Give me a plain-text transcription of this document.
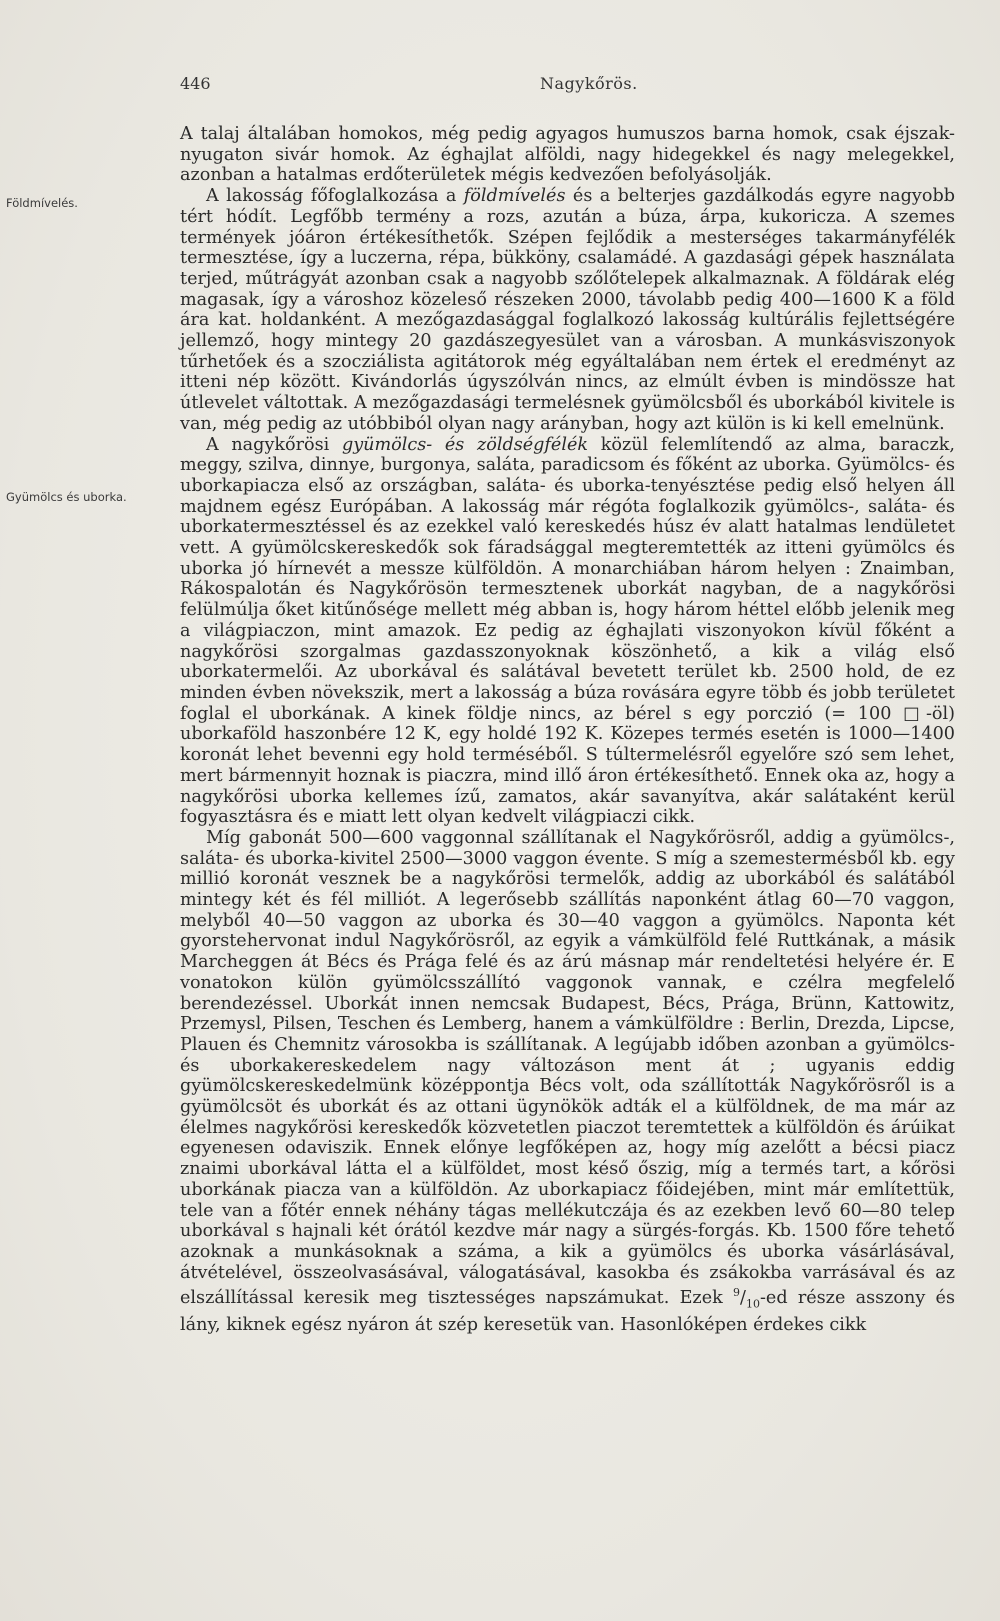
446	Nagykőrös.
Földmívelés.
Gyümölcs és uborka.

A talaj általában homokos, még pedig agyagos humuszos barna homok, csak éjszak-nyugaton sivár homok. Az éghajlat alföldi, nagy hidegekkel és nagy melegekkel, azonban a hatalmas erdőterületek mégis kedvezően befolyásolják.

A lakosság főfoglalkozása a földmívelés és a belterjes gazdálkodás egyre nagyobb tért hódít. Legfőbb termény a rozs, azután a búza, árpa, kukoricza. A szemes termények jóáron értékesíthetők. Szépen fejlődik a mesterséges takarmányfélék termesztése, így a luczerna, répa, bükköny, csalamádé. A gazdasági gépek használata terjed, műtrágyát azonban csak a nagyobb szőlőtelepek alkalmaznak. A földárak elég magasak, így a városhoz közeleső részeken 2000, távolabb pedig 400—1600 K a föld ára kat. holdanként. A mezőgazdasággal foglalkozó lakosság kultúrális fejlettségére jellemző, hogy mintegy 20 gazdászegyesület van a városban. A munkásviszonyok tűrhetőek és a szocziálista agitátorok még egyáltalában nem értek el eredményt az itteni nép között. Kivándorlás úgyszólván nincs, az elmúlt évben is mindössze hat útlevelet váltottak. A mezőgazdasági termelésnek gyümölcsből és uborkából kivitele is van, még pedig az utóbbiból olyan nagy arányban, hogy azt külön is ki kell emelnünk.

A nagykőrösi gyümölcs- és zöldségfélék közül felemlítendő az alma, baraczk, meggy, szilva, dinnye, burgonya, saláta, paradicsom és főként az uborka. Gyümölcs- és uborkapiacza első az országban, saláta- és uborka-tenyésztése pedig első helyen áll majdnem egész Európában. A lakosság már régóta foglalkozik gyümölcs-, saláta- és uborkatermesztéssel és az ezekkel való kereskedés húsz év alatt hatalmas lendületet vett. A gyümölcskereskedők sok fáradsággal megteremtették az itteni gyümölcs és uborka jó hírnevét a messze külföldön. A monarchiában három helyen : Znaimban, Rákospalotán és Nagykőrösön termesztenek uborkát nagyban, de a nagykőrösi felülmúlja őket kitűnősége mellett még abban is, hogy három héttel előbb jelenik meg a világpiaczon, mint amazok. Ez pedig az éghajlati viszonyokon kívül főként a nagykőrösi szorgalmas gazdasszonyoknak köszönhető, a kik a világ első uborkatermelői. Az uborkával és salátával bevetett terület kb. 2500 hold, de ez minden évben növekszik, mert a lakosság a búza rovására egyre több és jobb területet foglal el uborkának. A kinek földje nincs, az bérel s egy porczió (= 100 □-öl) uborkaföld haszonbére 12 K, egy holdé 192 K. Közepes termés esetén is 1000—1400 koronát lehet bevenni egy hold terméséből. S túltermelésről egyelőre szó sem lehet, mert bármennyit hoznak is piaczra, mind illő áron értékesíthető. Ennek oka az, hogy a nagykőrösi uborka kellemes ízű, zamatos, akár savanyítva, akár salátaként kerül fogyasztásra és e miatt lett olyan kedvelt világpiaczi cikk.

Míg gabonát 500—600 vaggonnal szállítanak el Nagykőrösről, addig a gyümölcs-, saláta- és uborka-kivitel 2500—3000 vaggon évente. S míg a szemestermésből kb. egy millió koronát vesznek be a nagykőrösi termelők, addig az uborkából és salátából mintegy két és fél milliót. A legerősebb szállítás naponként átlag 60—70 vaggon, melyből 40—50 vaggon az uborka és 30—40 vaggon a gyümölcs. Naponta két gyorstehervonat indul Nagykőrösről, az egyik a vámkülföld felé Ruttkának, a másik Marcheggen át Bécs és Prága felé és az árú másnap már rendeltetési helyére ér. E vonatokon külön gyümölcsszállító vaggonok vannak, e czélra megfelelő berendezéssel. Uborkát innen nemcsak Budapest, Bécs, Prága, Brünn, Kattowitz, Przemysl, Pilsen, Teschen és Lemberg, hanem a vámkülföldre : Berlin, Drezda, Lipcse, Plauen és Chemnitz városokba is szállítanak. A legújabb időben azonban a gyümölcs- és uborkakereskedelem nagy változáson ment át ; ugyanis eddig gyümölcskereskedelmünk középpontja Bécs volt, oda szállították Nagykőrösről is a gyümölcsöt és uborkát és az ottani ügynökök adták el a külföldnek, de ma már az élelmes nagykőrösi kereskedők közvetetlen piaczot teremtettek a külföldön és árúikat egyenesen odaviszik. Ennek előnye legfőképen az, hogy míg azelőtt a bécsi piacz znaimi uborkával látta el a külföldet, most késő őszig, míg a termés tart, a kőrösi uborkának piacza van a külföldön. Az uborkapiacz főidejében, mint már említettük, tele van a főtér ennek néhány tágas mellékutczája és az ezekben levő 60—80 telep uborkával s hajnali két órától kezdve már nagy a sürgés-forgás. Kb. 1500 főre tehető azoknak a munkásoknak a száma, a kik a gyümölcs és uborka vásárlásával, átvételével, összeolvasásával, válogatásával, kasokba és zsákokba varrásával és az elszállítással keresik meg tisztességes napszámukat. Ezek $^9/_{10}-ed$ része asszony és lány, kiknek egész nyáron át szép keresetük van. Hasonlóképen érdekes cikk
